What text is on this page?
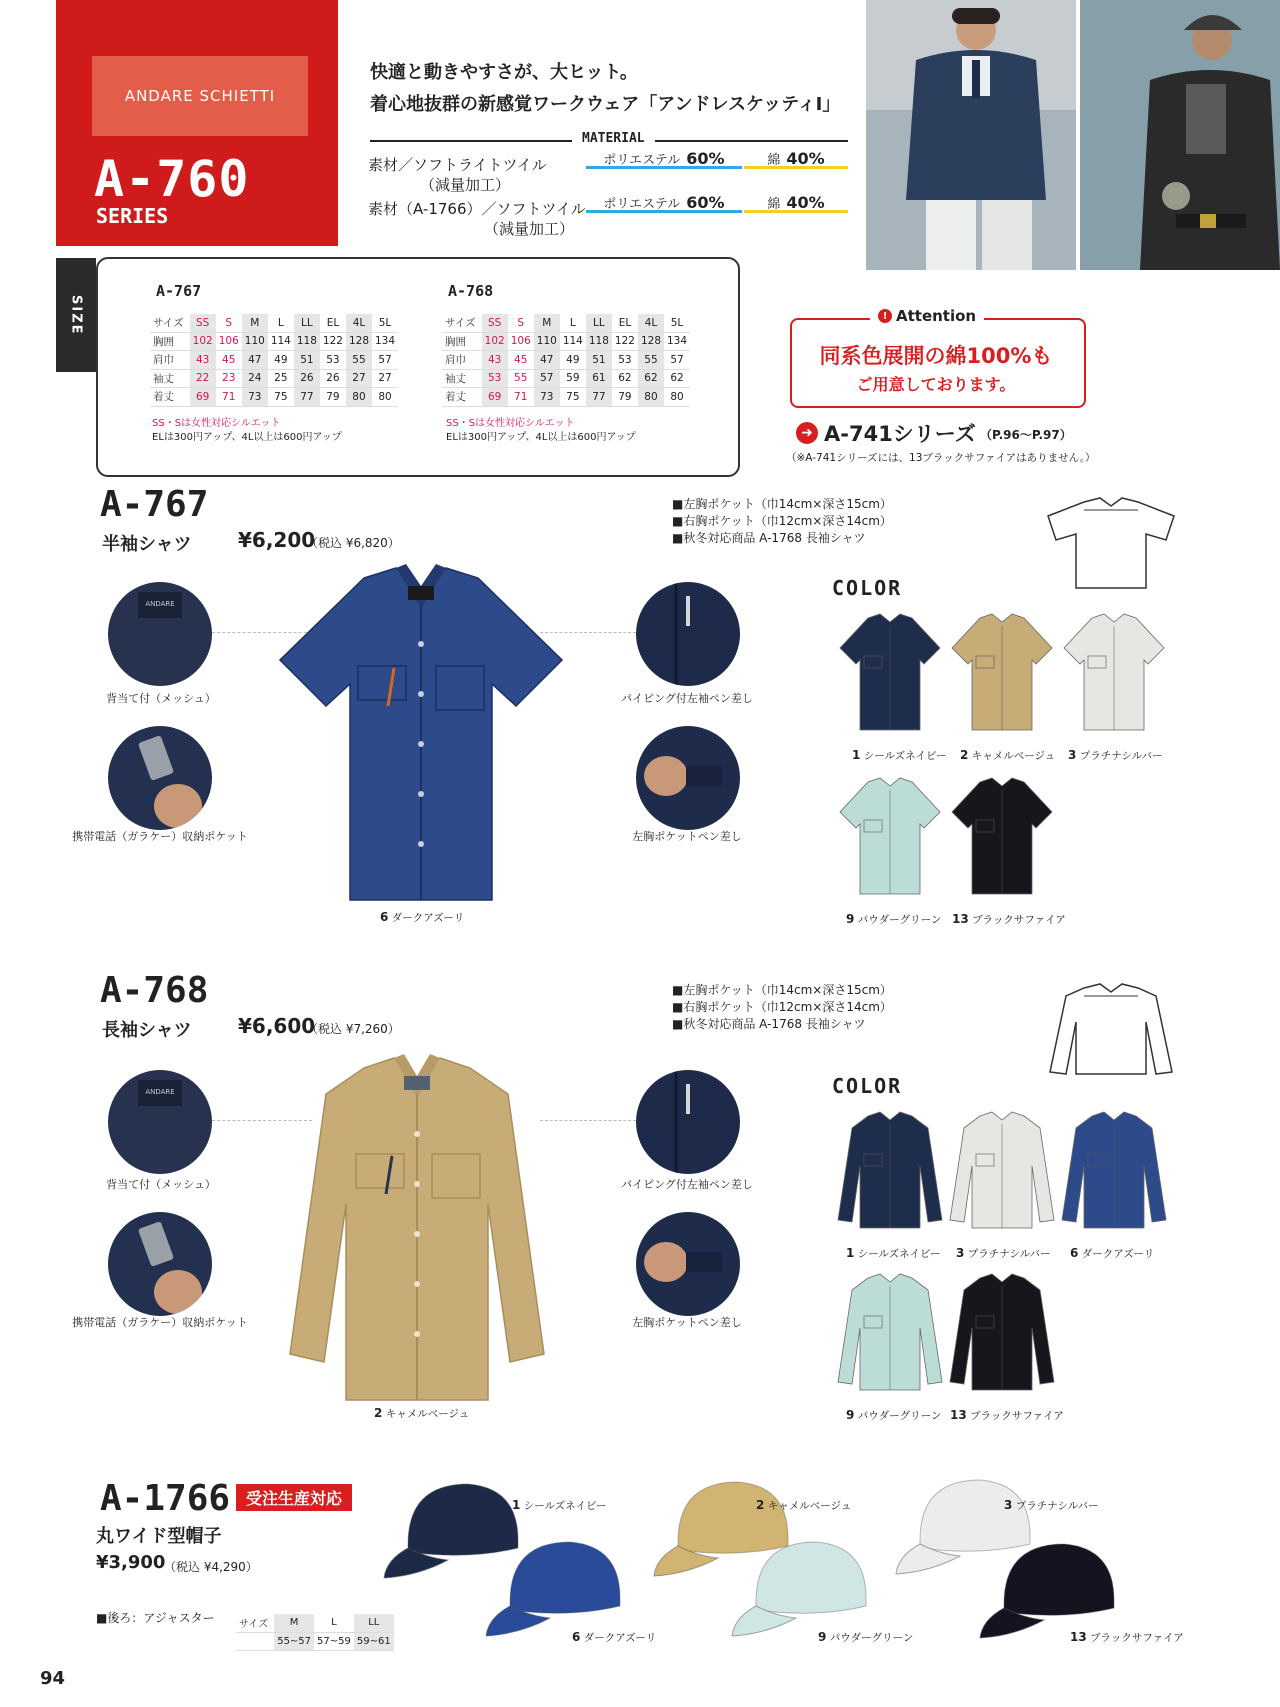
ANDARE SCHIETTI
A-760
SERIES
快適と動きやすさが、大ヒット。
着心地抜群の新感覚ワークウェア「アンドレスケッティⅠ」
MATERIAL
素材／ソフトライトツイル
（減量加工）
ポリエステル 60%	綿 40%
素材（A-1766）／ソフトツイル
（減量加工）
ポリエステル 60%	綿 40%
SIZE
A-767
サイズ	SS	S	M	L	LL	EL	4L	5L
胸囲	102	106	110	114	118	122	128	134
肩巾	43	45	47	49	51	53	55	57
袖丈	22	23	24	25	26	26	27	27
着丈	69	71	73	75	77	79	80	80
SS・Sは女性対応シルエット
ELは300円アップ、4L以上は600円アップ
A-768
サイズ	SS	S	M	L	LL	EL	4L	5L
胸囲	102	106	110	114	118	122	128	134
肩巾	43	45	47	49	51	53	55	57
袖丈	53	55	57	59	61	62	62	62
着丈	69	71	73	75	77	79	80	80
SS・Sは女性対応シルエット
ELは300円アップ、4L以上は600円アップ
! Attention
同系色展開の綿100%も
ご用意しております。
➜ A-741シリーズ （P.96～P.97）
（※A-741シリーズには、13ブラックサファイアはありません。）
A-767
半袖シャツ ¥6,200
（税込 ¥6,820）
■左胸ポケット（巾14cm×深さ15cm）
■右胸ポケット（巾12cm×深さ14cm）
■秋冬対応商品 A-1768 長袖シャツ
ANDARE
背当て付（メッシュ）
携帯電話（ガラケー）収納ポケット
パイピング付左袖ペン差し
左胸ポケットペン差し
6 ダークアズーリ
COLOR
1 シールズネイビー 2 キャメルベージュ 3 プラチナシルバー
9 パウダーグリーン 13 ブラックサファイア
A-768
長袖シャツ ¥6,600
（税込 ¥7,260）
■左胸ポケット（巾14cm×深さ15cm）
■右胸ポケット（巾12cm×深さ14cm）
■秋冬対応商品 A-1768 長袖シャツ
ANDARE
背当て付（メッシュ）
携帯電話（ガラケー）収納ポケット
パイピング付左袖ペン差し
左胸ポケットペン差し
2 キャメルベージュ
COLOR
1 シールズネイビー 3 プラチナシルバー 6 ダークアズーリ
9 パウダーグリーン 13 ブラックサファイア
A-1766 受注生産対応
丸ワイド型帽子
¥3,900
（税込 ¥4,290）
■後ろ：アジャスター サイズ	M	L	LL
	55~57	57~59	59~61
1 シールズネイビー	2 キャメルベージュ	3 プラチナシルバー
6 ダークアズーリ	9 パウダーグリーン	13 ブラックサファイア
94
